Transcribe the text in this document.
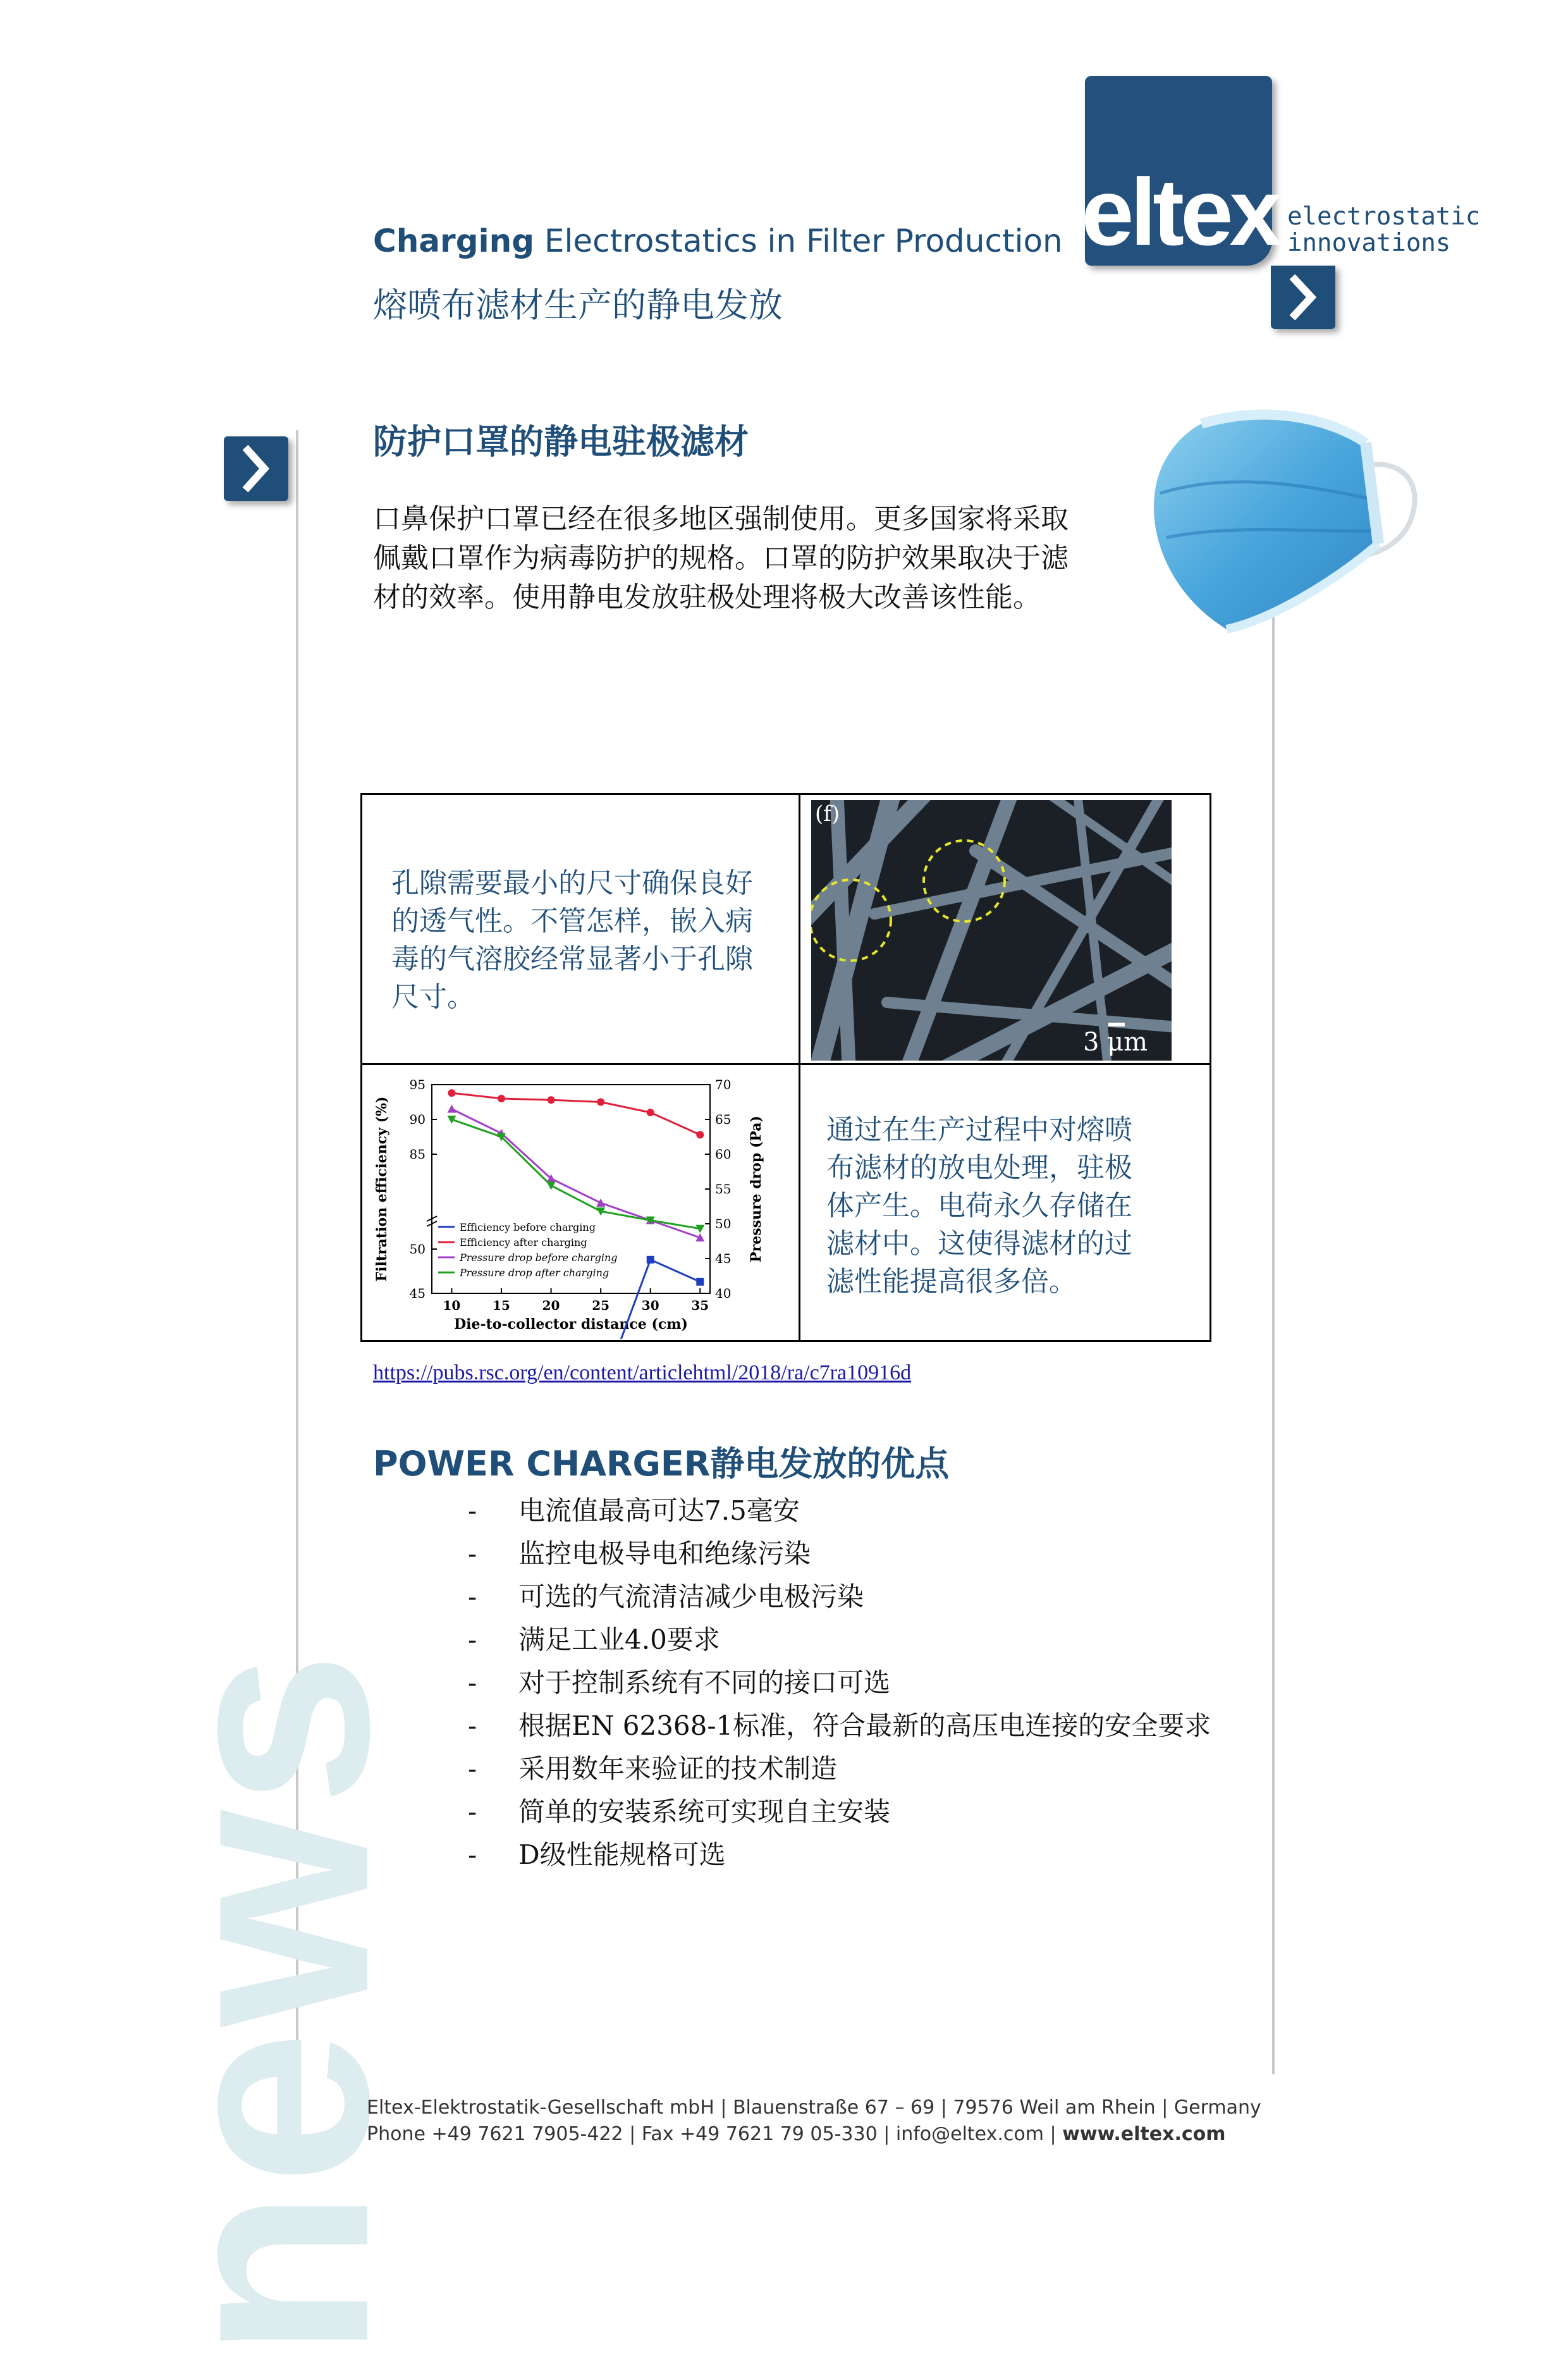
news
Charging Electrostatics in Filter Production
熔喷布滤材生产的静电发放
eltex electrostatic
innovations
防护口罩的静电驻极滤材
口鼻保护口罩已经在很多地区强制使用。更多国家将采取
佩戴口罩作为病毒防护的规格。口罩的防护效果取决于滤
材的效率。使用静电发放驻极处理将极大改善该性能。
孔隙需要最小的尺寸确保良好
的透气性。不管怎样，嵌入病
毒的气溶胶经常显著小于孔隙
尺寸。
(f)
3 μm
45
50
85
90
95
40
45
50
55
60
65
70
10	15	20	25	30	35
Die-to-collector distance (cm)
Filtration efficiency (%)	Pressure drop (Pa)
Efficiency before charging
Efficiency after charging
Pressure drop before charging
Pressure drop after charging
通过在生产过程中对熔喷
布滤材的放电处理，驻极
体产生。电荷永久存储在
滤材中。这使得滤材的过
滤性能提高很多倍。
https://pubs.rsc.org/en/content/articlehtml/2018/ra/c7ra10916d
POWER CHARGER静电发放的优点
- 电流值最高可达7.5毫安
- 监控电极导电和绝缘污染
- 可选的气流清洁减少电极污染
- 满足工业4.0要求
- 对于控制系统有不同的接口可选
- 根据EN 62368-1标准，符合最新的高压电连接的安全要求
- 采用数年来验证的技术制造
- 简单的安装系统可实现自主安装
- D级性能规格可选
Eltex-Elektrostatik-Gesellschaft mbH | Blauenstraße 67 – 69 | 79576 Weil am Rhein | Germany
Phone +49 7621 7905-422 | Fax +49 7621 79 05-330 | info@eltex.com | www.eltex.com
